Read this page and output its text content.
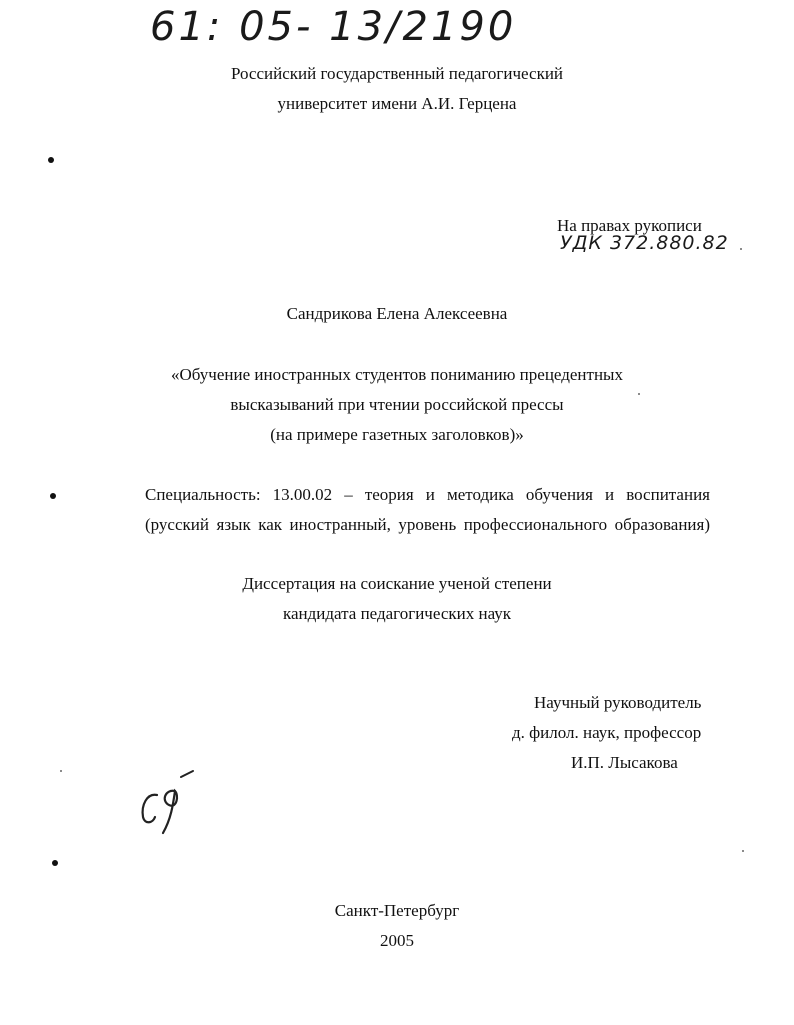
61: 05- 13/2190
Российский государственный педагогический
университет имени А.И. Герцена
На правах рукописи
УДК 372.880.82
Сандрикова Елена Алексеевна
«Обучение иностранных студентов пониманию прецедентных
высказываний при чтении российской прессы
(на примере газетных заголовков)»
Специальность: 13.00.02 – теория и методика обучения и воспитания
(русский язык как иностранный, уровень профессионального образования)
Диссертация на соискание ученой степени
кандидата педагогических наук
Научный руководитель
д. филол. наук, профессор
И.П. Лысакова
Санкт-Петербург
2005
